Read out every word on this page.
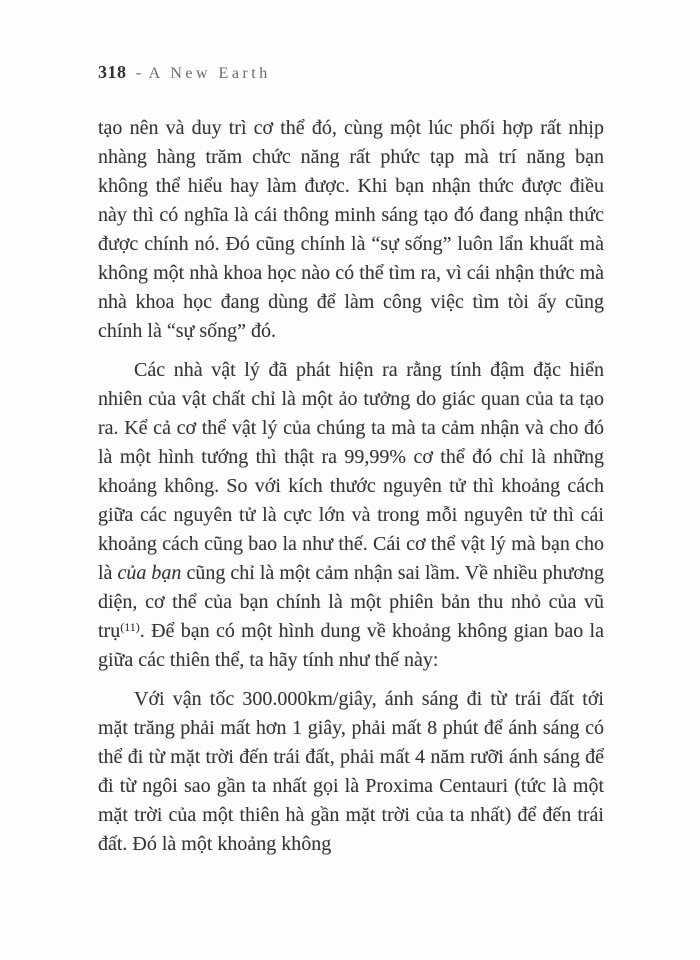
318 - A New Earth

tạo nên và duy trì cơ thể đó, cùng một lúc phối hợp rất nhịp nhàng hàng trăm chức năng rất phức tạp mà trí năng bạn không thể hiểu hay làm được. Khi bạn nhận thức được điều này thì có nghĩa là cái thông minh sáng tạo đó đang nhận thức được chính nó. Đó cũng chính là “sự sống” luôn lẩn khuất mà không một nhà khoa học nào có thể tìm ra, vì cái nhận thức mà nhà khoa học đang dùng để làm công việc tìm tòi ấy cũng chính là “sự sống” đó.

Các nhà vật lý đã phát hiện ra rằng tính đậm đặc hiển nhiên của vật chất chỉ là một ảo tưởng do giác quan của ta tạo ra. Kể cả cơ thể vật lý của chúng ta mà ta cảm nhận và cho đó là một hình tướng thì thật ra 99,99% cơ thể đó chỉ là những khoảng không. So với kích thước nguyên tử thì khoảng cách giữa các nguyên tử là cực lớn và trong mỗi nguyên tử thì cái khoảng cách cũng bao la như thế. Cái cơ thể vật lý mà bạn cho là của bạn cũng chỉ là một cảm nhận sai lầm. Về nhiều phương diện, cơ thể của bạn chính là một phiên bản thu nhỏ của vũ trụ$^{(11)}$. Để bạn có một hình dung về khoảng không gian bao la giữa các thiên thể, ta hãy tính như thế này:

Với vận tốc 300.000km/giây, ánh sáng đi từ trái đất tới mặt trăng phải mất hơn 1 giây, phải mất 8 phút để ánh sáng có thể đi từ mặt trời đến trái đất, phải mất 4 năm rưỡi ánh sáng để đi từ ngôi sao gần ta nhất gọi là Proxima Centauri (tức là một mặt trời của một thiên hà gần mặt trời của ta nhất) để đến trái đất. Đó là một khoảng không
